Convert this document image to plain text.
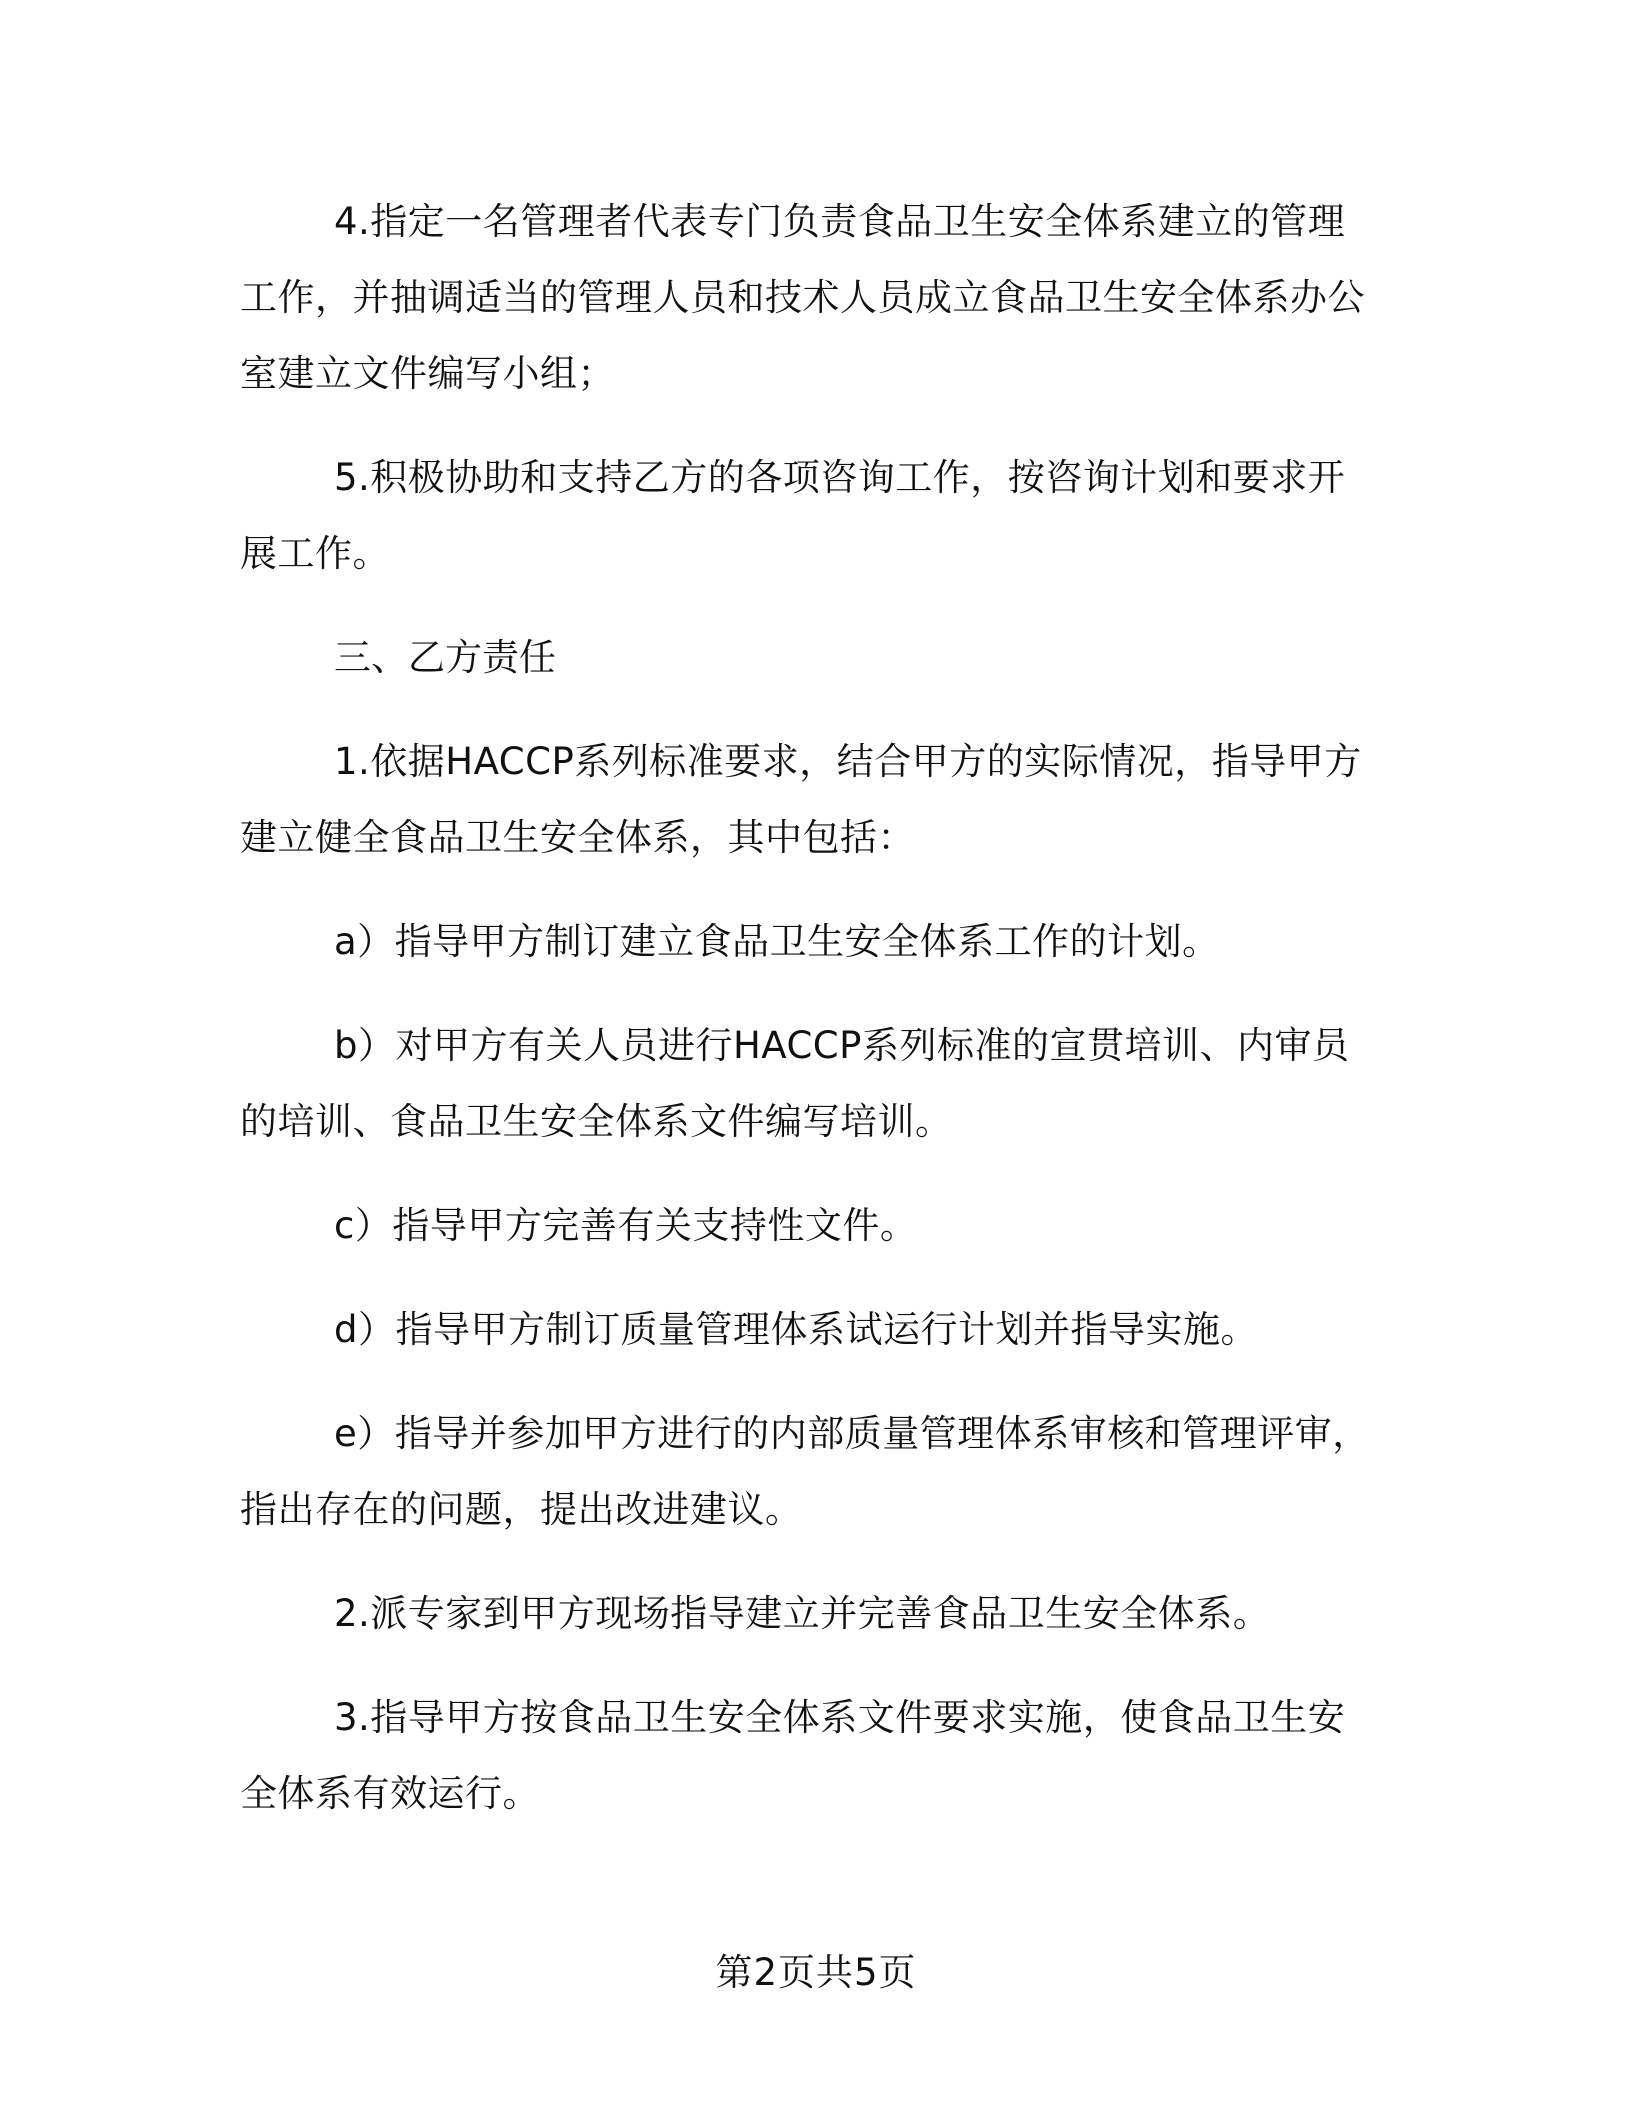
4.指定一名管理者代表专门负责食品卫生安全体系建立的管理工作，并抽调适当的管理人员和技术人员成立食品卫生安全体系办公室建立文件编写小组；

5.积极协助和支持乙方的各项咨询工作，按咨询计划和要求开展工作。

三、乙方责任

1.依据HACCP系列标准要求，结合甲方的实际情况，指导甲方建立健全食品卫生安全体系，其中包括：

a）指导甲方制订建立食品卫生安全体系工作的计划。

b）对甲方有关人员进行HACCP系列标准的宣贯培训、内审员的培训、食品卫生安全体系文件编写培训。

c）指导甲方完善有关支持性文件。

d）指导甲方制订质量管理体系试运行计划并指导实施。

e）指导并参加甲方进行的内部质量管理体系审核和管理评审，指出存在的问题，提出改进建议。

2.派专家到甲方现场指导建立并完善食品卫生安全体系。

3.指导甲方按食品卫生安全体系文件要求实施，使食品卫生安全体系有效运行。

第2页共5页
